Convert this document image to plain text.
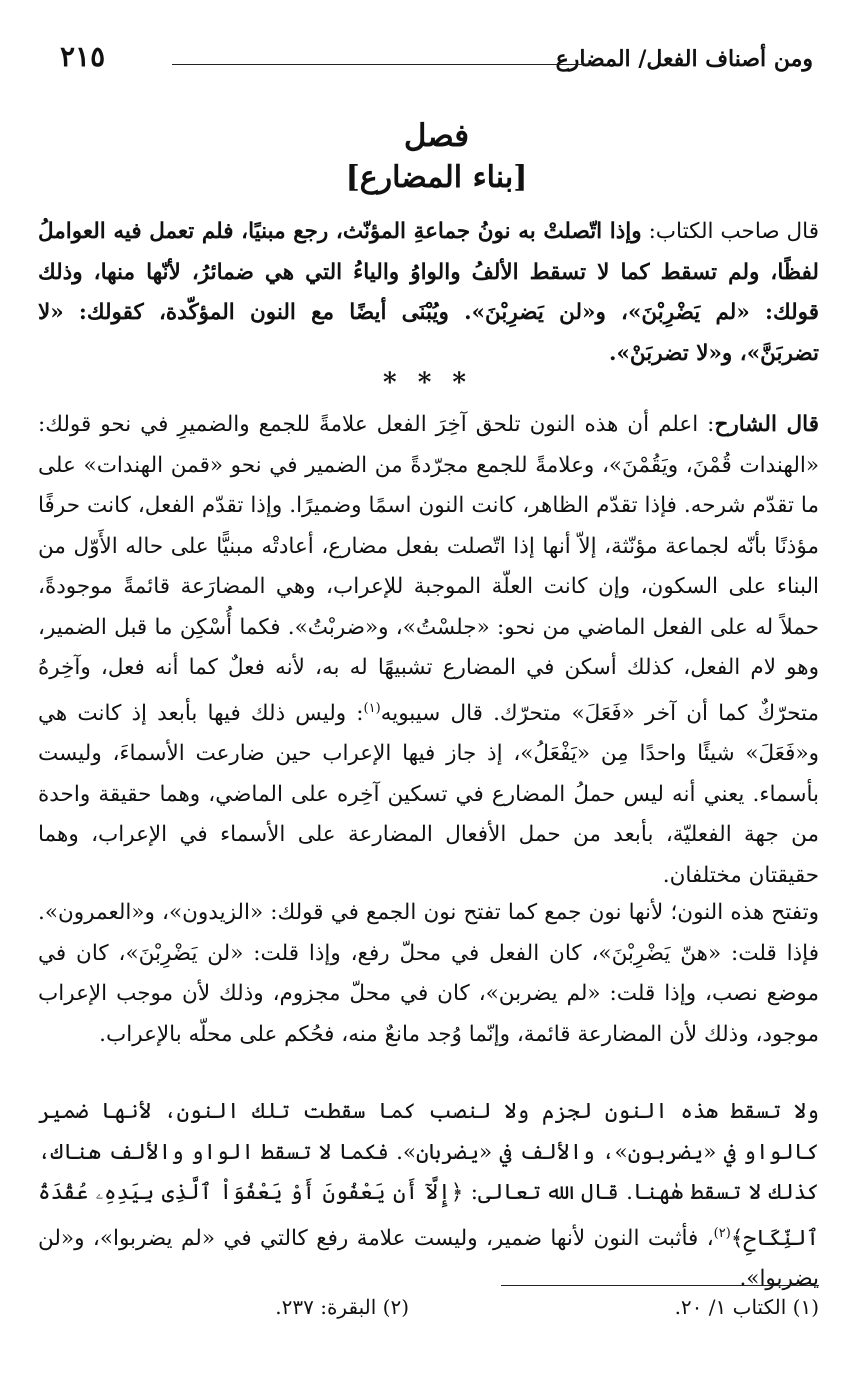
ومن أصناف الفعل/ المضارع
٢١٥
فصل
[بناء المضارع]
قال صاحب الكتاب: وإذا اتّصلتْ به نونُ جماعةِ المؤنّث، رجع مبنيًا، فلم تعمل فيه العواملُ لفظًا، ولم تسقط كما لا تسقط الألفُ والواوُ والياءُ التي هي ضمائرُ، لأنّها منها، وذلك قولك: «لم يَضْرِبْنَ»، و«لن يَضرِبْنَ». ويُبْنَى أيضًا مع النون المؤكّدة، كقولك: «لا تضربَنَّ»، و«لا تضربَنْ».
* * *
قال الشارح: اعلم أن هذه النون تلحق آخِرَ الفعل علامةً للجمع والضميرِ في نحو قولك: «الهندات قُمْنَ، ويَقُمْنَ»، وعلامةً للجمع مجرّدةً من الضمير في نحو «قمن الهندات» على ما تقدّم شرحه. فإذا تقدّم الظاهر، كانت النون اسمًا وضميرًا. وإذا تقدّم الفعل، كانت حرفًا مؤذنًا بأنّه لجماعة مؤنّثة، إلاّ أنها إذا اتّصلت بفعل مضارع، أعادتْه مبنيًّا على حاله الأَوّل من البناء على السكون، وإن كانت العلّة الموجبة للإعراب، وهي المضارَعة قائمةً موجودةً، حملاً له على الفعل الماضي من نحو: «جلسْتُ»، و«ضربْتُ». فكما أُسْكِن ما قبل الضمير، وهو لام الفعل، كذلك أسكن في المضارع تشبيهًا له به، لأنه فعلٌ كما أنه فعل، وآخِرهُ متحرّكٌ كما أن آخر «فَعَلَ» متحرّك. قال سيبويه$^{(١)}$: وليس ذلك فيها بأبعد إذ كانت هي و«فَعَلَ» شيئًا واحدًا مِن «يَفْعَلُ»، إذ جاز فيها الإعراب حين ضارعت الأسماءَ، وليست بأسماء. يعني أنه ليس حملُ المضارع في تسكين آخِره على الماضي، وهما حقيقة واحدة من جهة الفعليّة، بأبعد من حمل الأفعال المضارعة على الأسماء في الإعراب، وهما حقيقتان مختلفان.
وتفتح هذه النون؛ لأنها نون جمع كما تفتح نون الجمع في قولك: «الزيدون»، و«العمرون». فإذا قلت: «هنّ يَضْرِبْنَ»، كان الفعل في محلّ رفع، وإذا قلت: «لن يَضْرِبْنَ»، كان في موضع نصب، وإذا قلت: «لم يضربن»، كان في محلّ مجزوم، وذلك لأن موجب الإعراب موجود، وذلك لأن المضارعة قائمة، وإنّما وُجد مانعٌ منه، فحُكم على محلّه بالإعراب.
ولا تسقط هذه النون لجزم ولا لنصب كما سقطت تلك النون، لأنها ضمير كالواو في «يضربون»، والألف في «يضربان». فكما لا تسقط الواو والألف هناك، كذلك لا تسقط هٰهنا. قال الله تعالى: ﴿إِلَّآ أَن يَعْفُونَ أَوْ يَعْفُوَاْ ٱلَّذِى بِيَدِهِۦ عُقْدَةُ ٱلنِّكَاحِ﴾$^{(٢)}$، فأثبت النون لأنها ضمير، وليست علامة رفع كالتي في «لم يضربوا»، و«لن يضربوا».
(١) الكتاب ١/ ٢٠.
(٢) البقرة: ٢٣٧.
